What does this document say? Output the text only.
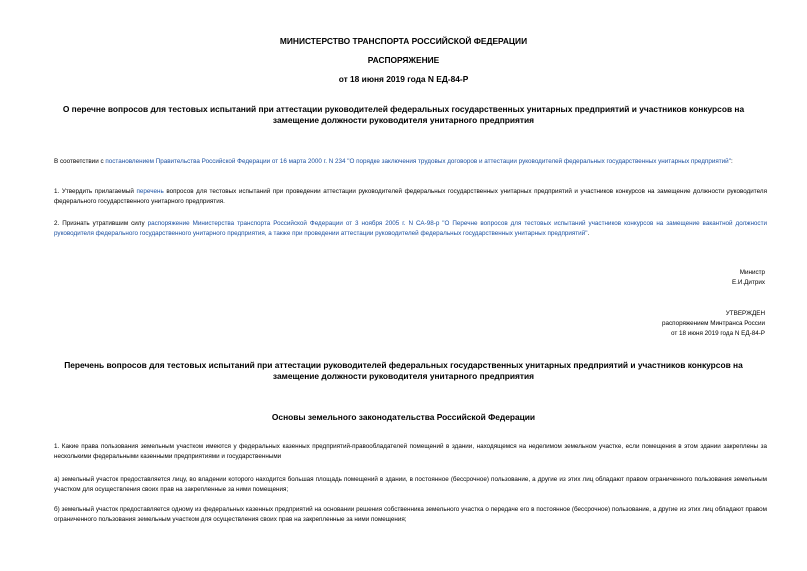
МИНИСТЕРСТВО ТРАНСПОРТА РОССИЙСКОЙ ФЕДЕРАЦИИ
РАСПОРЯЖЕНИЕ
от 18 июня 2019 года N ЕД-84-Р
О перечне вопросов для тестовых испытаний при аттестации руководителей федеральных государственных унитарных предприятий и участников конкурсов на замещение должности руководителя унитарного предприятия
В соответствии с постановлением Правительства Российской Федерации от 16 марта 2000 г. N 234 "О порядке заключения трудовых договоров и аттестации руководителей федеральных государственных унитарных предприятий":
1. Утвердить прилагаемый перечень вопросов для тестовых испытаний при проведении аттестации руководителей федеральных государственных унитарных предприятий и участников конкурсов на замещение должности руководителя федерального государственного унитарного предприятия.
2. Признать утратившим силу распоряжение Министерства транспорта Российской Федерации от 3 ноября 2005 г. N СА-98-р "О Перечне вопросов для тестовых испытаний участников конкурсов на замещение вакантной должности руководителя федерального государственного унитарного предприятия, а также при проведении аттестации руководителей федеральных государственных унитарных предприятий".
Министр
Е.И.Дитрих
УТВЕРЖДЕН
распоряжением Минтранса России
от 18 июня 2019 года N ЕД-84-Р
Перечень вопросов для тестовых испытаний при аттестации руководителей федеральных государственных унитарных предприятий и участников конкурсов на замещение должности руководителя унитарного предприятия
Основы земельного законодательства Российской Федерации
1. Какие права пользования земельным участком имеются у федеральных казенных предприятий-правообладателей помещений в здании, находящемся на неделимом земельном участке, если помещения в этом здании закреплены за несколькими федеральными казенными предприятиями и государственными
а) земельный участок предоставляется лицу, во владении которого находится большая площадь помещений в здании, в постоянное (бессрочное) пользование, а другие из этих лиц обладают правом ограниченного пользования земельным участком для осуществления своих прав на закрепленные за ними помещения;
б) земельный участок предоставляется одному из федеральных казенных предприятий на основании решения собственника земельного участка о передаче его в постоянное (бессрочное) пользование, а другие из этих лиц обладают правом ограниченного пользования земельным участком для осуществления своих прав на закрепленные за ними помещения;
